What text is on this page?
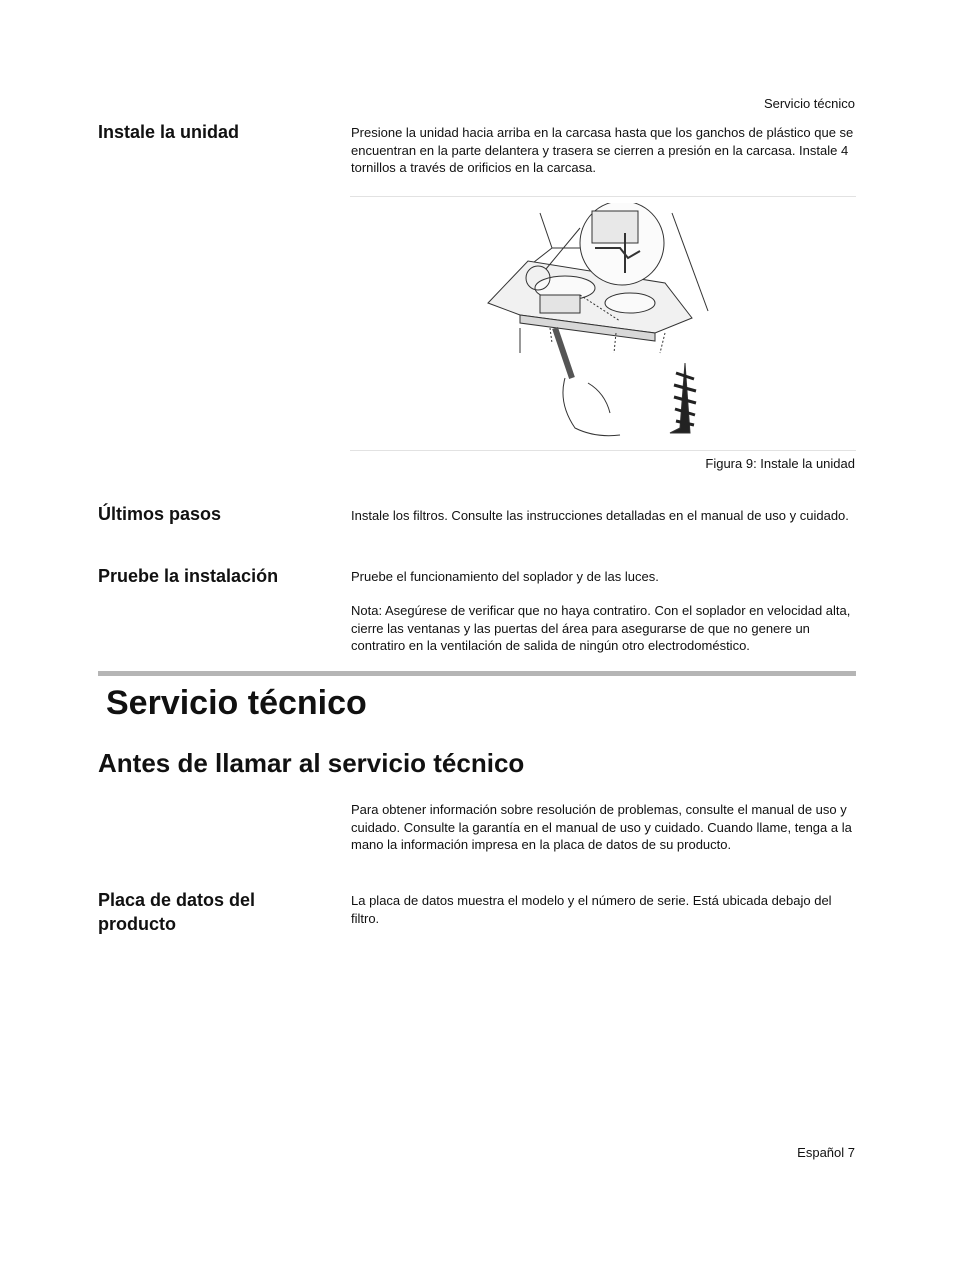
Servicio técnico
Instale la unidad	Presione la unidad hacia arriba en la carcasa hasta que los ganchos de plástico que se encuentran en la parte delantera y trasera se cierren a presión en la carcasa. Instale 4 tornillos a través de orificios en la carcasa.
Figura 9: Instale la unidad
Últimos pasos	Instale los filtros. Consulte las instrucciones detalladas en el manual de uso y cuidado.
Pruebe la instalación	Pruebe el funcionamiento del soplador y de las luces.
Nota: Asegúrese de verificar que no haya contratiro. Con el soplador en velocidad alta, cierre las ventanas y las puertas del área para asegurarse de que no genere un contratiro en la ventilación de salida de ningún otro electrodoméstico.
Servicio técnico
Antes de llamar al servicio técnico
Para obtener información sobre resolución de problemas, consulte el manual de uso y cuidado. Consulte la garantía en el manual de uso y cuidado. Cuando llame, tenga a la mano la información impresa en la placa de datos de su producto.
Placa de datos del producto
La placa de datos muestra el modelo y el número de serie. Está ubicada debajo del filtro.
Español 7
